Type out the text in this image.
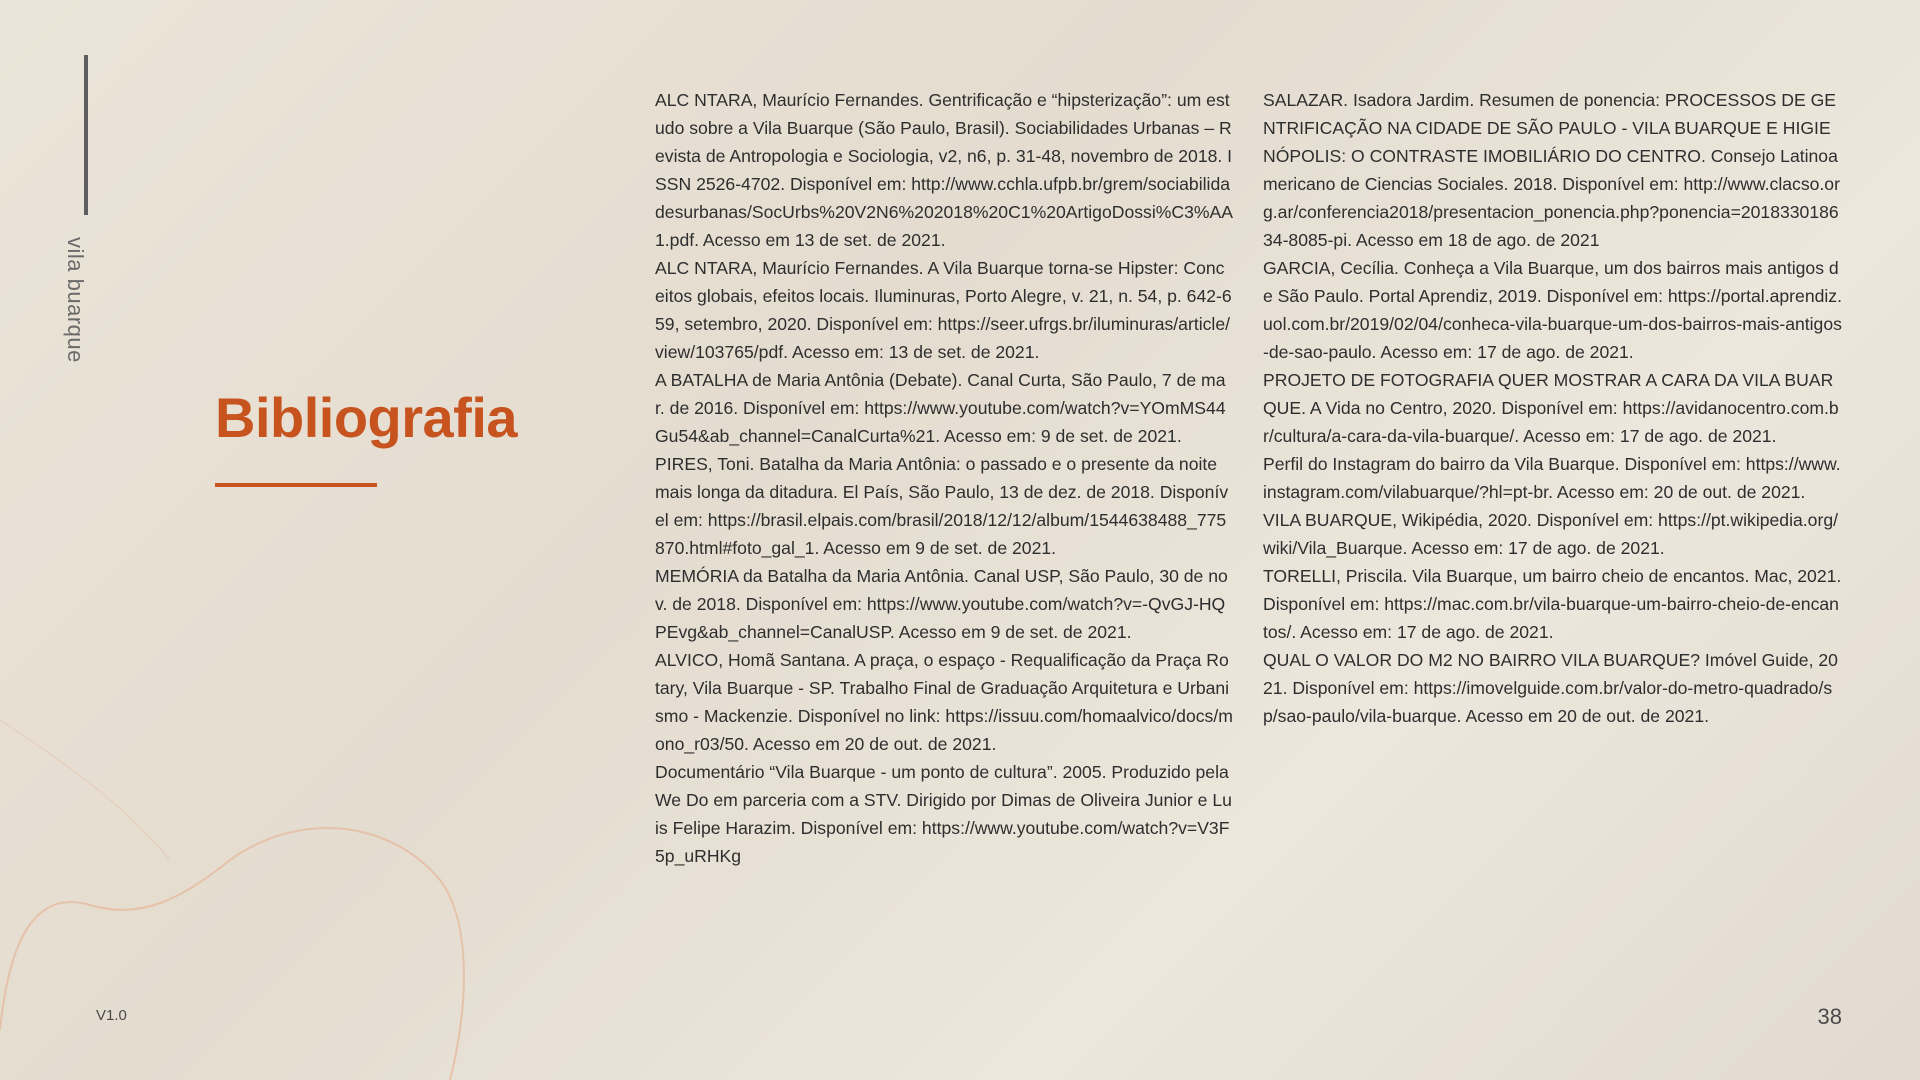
vila buarque
Bibliografia

ALC NTARA, Maurício Fernandes. Gentrificação e “hipsterização”: um estudo sobre a Vila Buarque (São Paulo, Brasil). Sociabilidades Urbanas – Revista de Antropologia e Sociologia, v2, n6, p. 31-48, novembro de 2018. ISSN 2526-4702. Disponível em: http://www.cchla.ufpb.br/grem/sociabilidadesurbanas/SocUrbs%20V2N6%202018%20C1%20ArtigoDossi%C3%AA1.pdf. Acesso em 13 de set. de 2021.

ALC NTARA, Maurício Fernandes. A Vila Buarque torna-se Hipster: Conceitos globais, efeitos locais. Iluminuras, Porto Alegre, v. 21, n. 54, p. 642-659, setembro, 2020. Disponível em: https://seer.ufrgs.br/iluminuras/article/view/103765/pdf. Acesso em: 13 de set. de 2021.

A BATALHA de Maria Antônia (Debate). Canal Curta, São Paulo, 7 de mar. de 2016. Disponível em: https://www.youtube.com/watch?v=YOmMS44Gu54&ab_channel=CanalCurta%21. Acesso em: 9 de set. de 2021.

PIRES, Toni. Batalha da Maria Antônia: o passado e o presente da noite mais longa da ditadura. El País, São Paulo, 13 de dez. de 2018. Disponível em: https://brasil.elpais.com/brasil/2018/12/12/album/1544638488_775870.html#foto_gal_1. Acesso em 9 de set. de 2021.

MEMÓRIA da Batalha da Maria Antônia. Canal USP, São Paulo, 30 de nov. de 2018. Disponível em: https://www.youtube.com/watch?v=-QvGJ-HQPEvg&ab_channel=CanalUSP. Acesso em 9 de set. de 2021.

ALVICO, Homã Santana. A praça, o espaço - Requalificação da Praça Rotary, Vila Buarque - SP. Trabalho Final de Graduação Arquitetura e Urbanismo - Mackenzie. Disponível no link: https://issuu.com/homaalvico/docs/mono_r03/50. Acesso em 20 de out. de 2021.

Documentário “Vila Buarque - um ponto de cultura”. 2005. Produzido pela We Do em parceria com a STV. Dirigido por Dimas de Oliveira Junior e Luis Felipe Harazim. Disponível em: https://www.youtube.com/watch?v=V3F5p_uRHKg

SALAZAR. Isadora Jardim. Resumen de ponencia: PROCESSOS DE GENTRIFICAÇÃO NA CIDADE DE SÃO PAULO - VILA BUARQUE E HIGIENÓPOLIS: O CONTRASTE IMOBILIÁRIO DO CENTRO. Consejo Latinoamericano de Ciencias Sociales. 2018. Disponível em: http://www.clacso.org.ar/conferencia2018/presentacion_ponencia.php?ponencia=201833018634-8085-pi. Acesso em 18 de ago. de 2021

GARCIA, Cecília. Conheça a Vila Buarque, um dos bairros mais antigos de São Paulo. Portal Aprendiz, 2019. Disponível em: https://portal.aprendiz.uol.com.br/2019/02/04/conheca-vila-buarque-um-dos-bairros-mais-antigos-de-sao-paulo. Acesso em: 17 de ago. de 2021.

PROJETO DE FOTOGRAFIA QUER MOSTRAR A CARA DA VILA BUARQUE. A Vida no Centro, 2020. Disponível em: https://avidanocentro.com.br/cultura/a-cara-da-vila-buarque/. Acesso em: 17 de ago. de 2021.

Perfil do Instagram do bairro da Vila Buarque. Disponível em: https://www.instagram.com/vilabuarque/?hl=pt-br. Acesso em: 20 de out. de 2021.

VILA BUARQUE, Wikipédia, 2020. Disponível em: https://pt.wikipedia.org/wiki/Vila_Buarque. Acesso em: 17 de ago. de 2021.

TORELLI, Priscila. Vila Buarque, um bairro cheio de encantos. Mac, 2021. Disponível em: https://mac.com.br/vila-buarque-um-bairro-cheio-de-encantos/. Acesso em: 17 de ago. de 2021.

QUAL O VALOR DO M2 NO BAIRRO VILA BUARQUE? Imóvel Guide, 2021. Disponível em: https://imovelguide.com.br/valor-do-metro-quadrado/sp/sao-paulo/vila-buarque. Acesso em 20 de out. de 2021.

V1.0	38
